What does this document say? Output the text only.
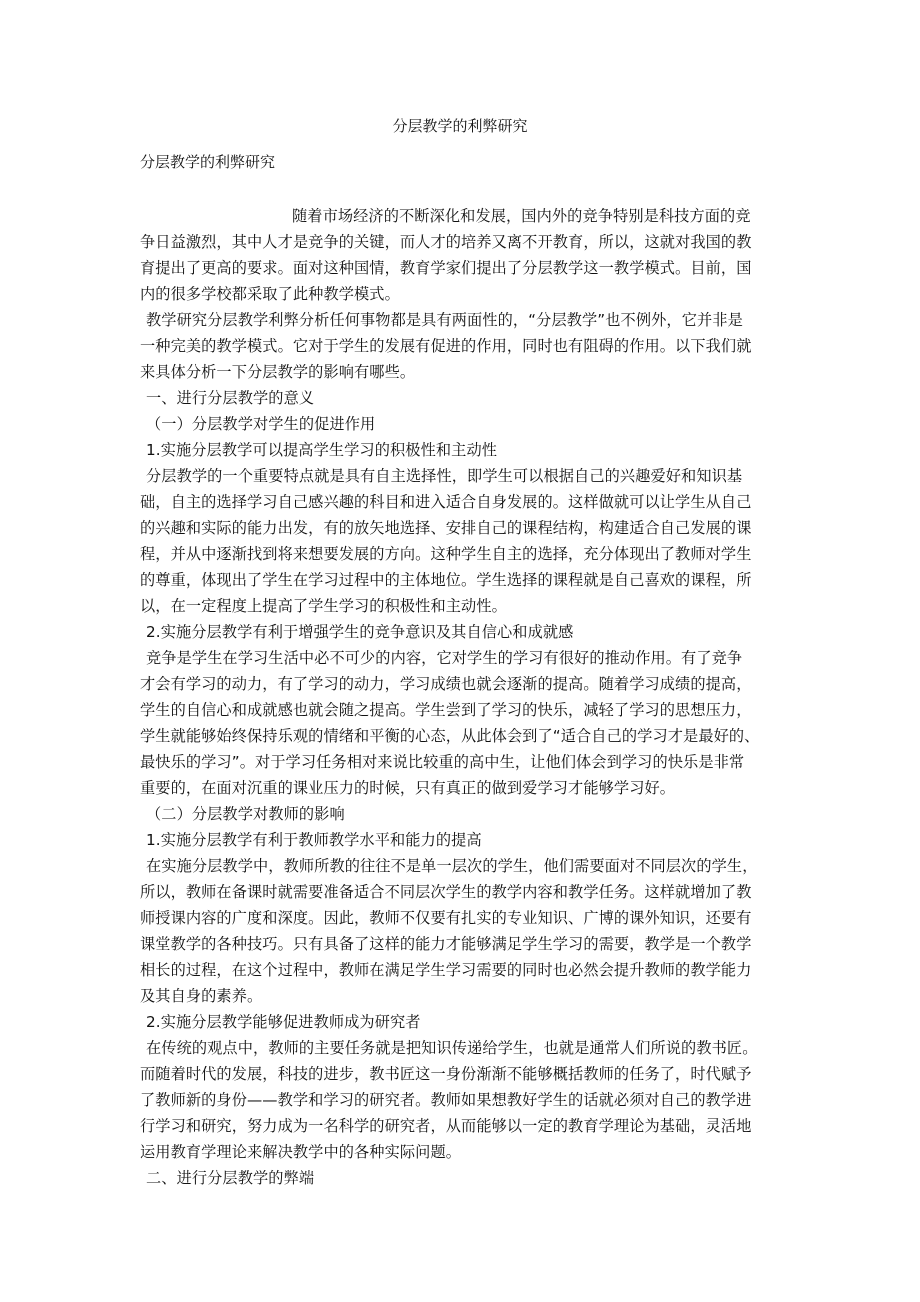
分层教学的利弊研究
分层教学的利弊研究
随着市场经济的不断深化和发展，国内外的竞争特别是科技方面的竞
争日益激烈，其中人才是竞争的关键，而人才的培养又离不开教育，所以，这就对我国的教
育提出了更高的要求。面对这种国情，教育学家们提出了分层教学这一教学模式。目前，国
内的很多学校都采取了此种教学模式。
教学研究分层教学利弊分析任何事物都是具有两面性的，“分层教学”也不例外，它并非是
一种完美的教学模式。它对于学生的发展有促进的作用，同时也有阻碍的作用。以下我们就
来具体分析一下分层教学的影响有哪些。
一、进行分层教学的意义
（一）分层教学对学生的促进作用
1.实施分层教学可以提高学生学习的积极性和主动性
分层教学的一个重要特点就是具有自主选择性，即学生可以根据自己的兴趣爱好和知识基
础，自主的选择学习自己感兴趣的科目和进入适合自身发展的。这样做就可以让学生从自己
的兴趣和实际的能力出发，有的放矢地选择、安排自己的课程结构，构建适合自己发展的课
程，并从中逐渐找到将来想要发展的方向。这种学生自主的选择，充分体现出了教师对学生
的尊重，体现出了学生在学习过程中的主体地位。学生选择的课程就是自己喜欢的课程，所
以，在一定程度上提高了学生学习的积极性和主动性。
2.实施分层教学有利于增强学生的竞争意识及其自信心和成就感
竞争是学生在学习生活中必不可少的内容，它对学生的学习有很好的推动作用。有了竞争
才会有学习的动力，有了学习的动力，学习成绩也就会逐渐的提高。随着学习成绩的提高，
学生的自信心和成就感也就会随之提高。学生尝到了学习的快乐，减轻了学习的思想压力，
学生就能够始终保持乐观的情绪和平衡的心态，从此体会到了“适合自己的学习才是最好的、
最快乐的学习”。对于学习任务相对来说比较重的高中生，让他们体会到学习的快乐是非常
重要的，在面对沉重的课业压力的时候，只有真正的做到爱学习才能够学习好。
（二）分层教学对教师的影响
1.实施分层教学有利于教师教学水平和能力的提高
在实施分层教学中，教师所教的往往不是单一层次的学生，他们需要面对不同层次的学生，
所以，教师在备课时就需要准备适合不同层次学生的教学内容和教学任务。这样就增加了教
师授课内容的广度和深度。因此，教师不仅要有扎实的专业知识、广博的课外知识，还要有
课堂教学的各种技巧。只有具备了这样的能力才能够满足学生学习的需要，教学是一个教学
相长的过程，在这个过程中，教师在满足学生学习需要的同时也必然会提升教师的教学能力
及其自身的素养。
2.实施分层教学能够促进教师成为研究者
在传统的观点中，教师的主要任务就是把知识传递给学生，也就是通常人们所说的教书匠。
而随着时代的发展，科技的进步，教书匠这一身份渐渐不能够概括教师的任务了，时代赋予
了教师新的身份——教学和学习的研究者。教师如果想教好学生的话就必须对自己的教学进
行学习和研究，努力成为一名科学的研究者，从而能够以一定的教育学理论为基础，灵活地
运用教育学理论来解决教学中的各种实际问题。
二、进行分层教学的弊端
